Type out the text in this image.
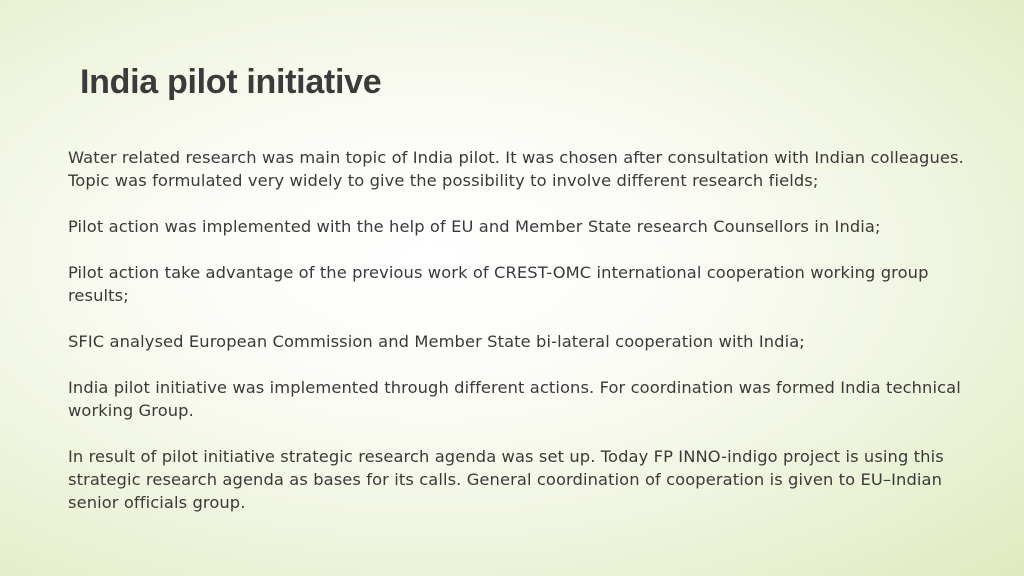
India pilot initiative

Water related research was main topic of India pilot. It was chosen after consultation with Indian colleagues. Topic was formulated very widely to give the possibility to involve different research fields;

Pilot action was implemented with the help of EU and Member State research Counsellors in India;

Pilot action take advantage of the previous work of CREST-OMC international cooperation working group results;

SFIC analysed European Commission and Member State bi-lateral cooperation with India;

India pilot initiative was implemented through different actions. For coordination was formed India technical working Group.

In result of pilot initiative strategic research agenda was set up. Today FP INNO-indigo project is using this strategic research agenda as bases for its calls. General coordination of cooperation is given to EU–Indian senior officials group.
